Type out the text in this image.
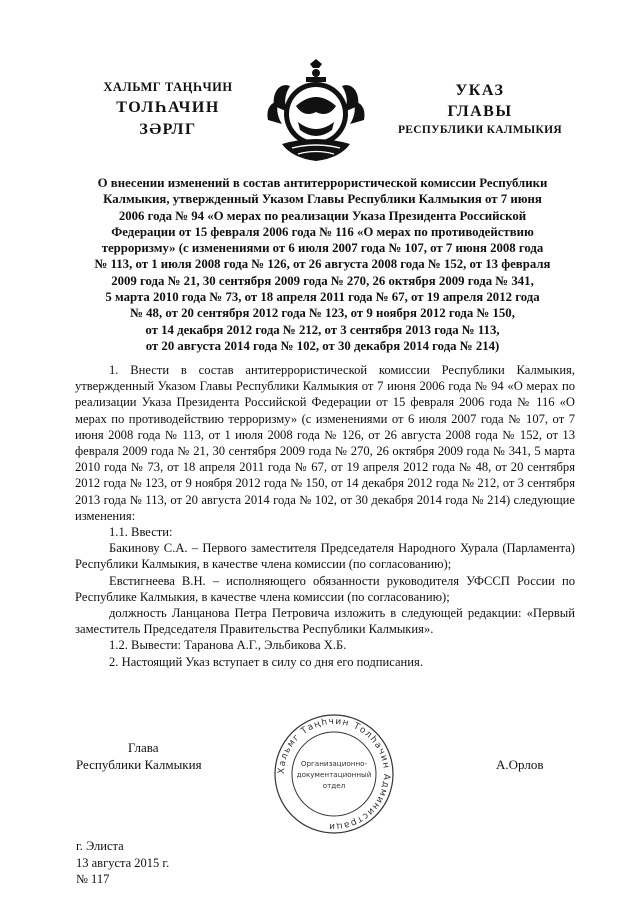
ХАЛЬМГ ТАҢҺЧИН
ТОЛҺАЧИН
ЗӘРЛГ
УКАЗ
ГЛАВЫ
РЕСПУБЛИКИ КАЛМЫКИЯ
О внесении изменений в состав антитеррористической комиссии Республики
Калмыкия, утвержденный Указом Главы Республики Калмыкия от 7 июня
2006 года № 94 «О мерах по реализации Указа Президента Российской
Федерации от 15 февраля 2006 года № 116 «О мерах по противодействию
терроризму» (с изменениями от 6 июля 2007 года № 107, от 7 июня 2008 года
№ 113, от 1 июля 2008 года № 126, от 26 августа 2008 года № 152, от 13 февраля
2009 года № 21, 30 сентября 2009 года № 270, 26 октября 2009 года № 341,
5 марта 2010 года № 73, от 18 апреля 2011 года № 67, от 19 апреля 2012 года
№ 48, от 20 сентября 2012 года № 123, от 9 ноября 2012 года № 150,
от 14 декабря 2012 года № 212, от 3 сентября 2013 года № 113,
от 20 августа 2014 года № 102, от 30 декабря 2014 года № 214)

1. Внести в состав антитеррористической комиссии Республики Калмыкия, утвержденный Указом Главы Республики Калмыкия от 7 июня 2006 года № 94 «О мерах по реализации Указа Президента Российской Федерации от 15 февраля 2006 года № 116 «О мерах по противодействию терроризму» (с изменениями от 6 июля 2007 года № 107, от 7 июня 2008 года № 113, от 1 июля 2008 года № 126, от 26 августа 2008 года № 152, от 13 февраля 2009 года № 21, 30 сентября 2009 года № 270, 26 октября 2009 года № 341, 5 марта 2010 года № 73, от 18 апреля 2011 года № 67, от 19 апреля 2012 года № 48, от 20 сентября 2012 года № 123, от 9 ноября 2012 года № 150, от 14 декабря 2012 года № 212, от 3 сентября 2013 года № 113, от 20 августа 2014 года № 102, от 30 декабря 2014 года № 214) следующие изменения:

1.1. Ввести:

Бакинову С.А. – Первого заместителя Председателя Народного Хурала (Парламента) Республики Калмыкия, в качестве члена комиссии (по согласованию);

Евстигнеева В.Н. – исполняющего обязанности руководителя УФССП России по Республике Калмыкия, в качестве члена комиссии (по согласованию);

должность Ланцанова Петра Петровича изложить в следующей редакции: «Первый заместитель Председателя Правительства Республики Калмыкия».

1.2. Вывести: Таранова А.Г., Эльбикова Х.Б.

2. Настоящий Указ вступает в силу со дня его подписания.

Глава
Республики Калмыкия	А.Орлов
Хальмг Таңһчин Толһачин Администраци
Организационно-
документационный
отдел
г. Элиста
13 августа 2015 г.
№ 117
